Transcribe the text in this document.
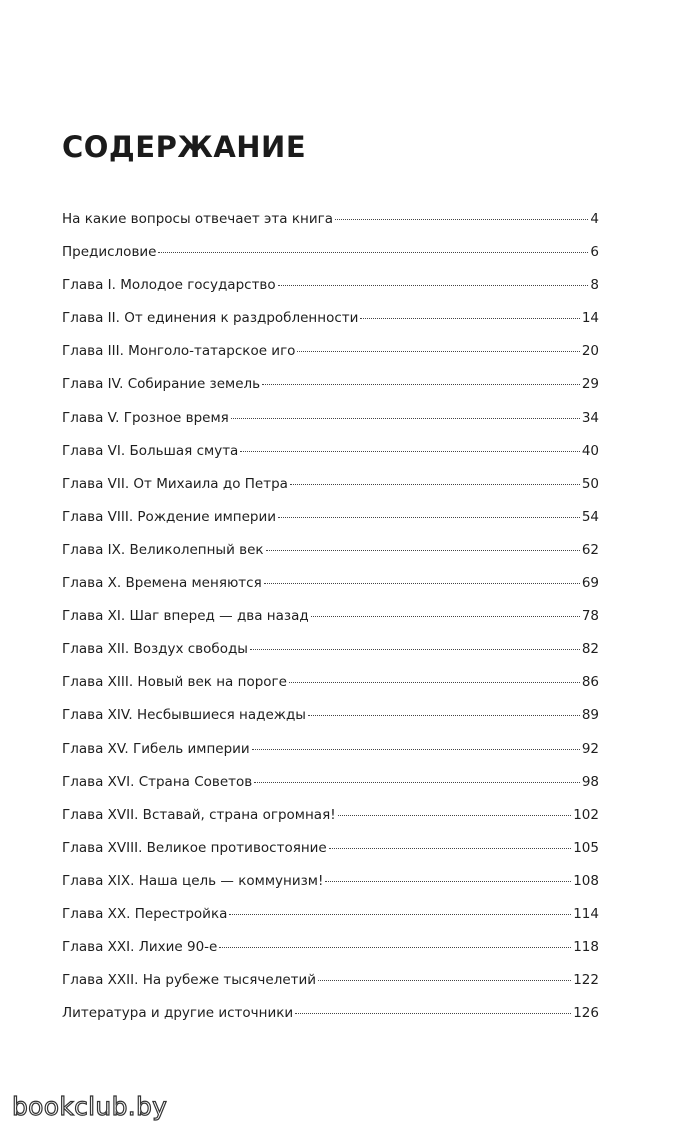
СОДЕРЖАНИЕ
На какие вопросы отвечает эта книга	4
Предисловие	6
Глава I. Молодое государство	8
Глава II. От единения к раздробленности	14
Глава III. Монголо-татарское иго	20
Глава IV. Собирание земель	29
Глава V. Грозное время	34
Глава VI. Большая смута	40
Глава VII. От Михаила до Петра	50
Глава VIII. Рождение империи	54
Глава IX. Великолепный век	62
Глава X. Времена меняются	69
Глава XI. Шаг вперед — два назад	78
Глава XII. Воздух свободы	82
Глава XIII. Новый век на пороге	86
Глава XIV. Несбывшиеся надежды	89
Глава XV. Гибель империи	92
Глава XVI. Страна Советов	98
Глава XVII. Вставай, страна огромная!	102
Глава XVIII. Великое противостояние	105
Глава XIX. Наша цель — коммунизм!	108
Глава XX. Перестройка	114
Глава XXI. Лихие 90-е	118
Глава XXII. На рубеже тысячелетий	122
Литература и другие источники	126
bookclub.by
